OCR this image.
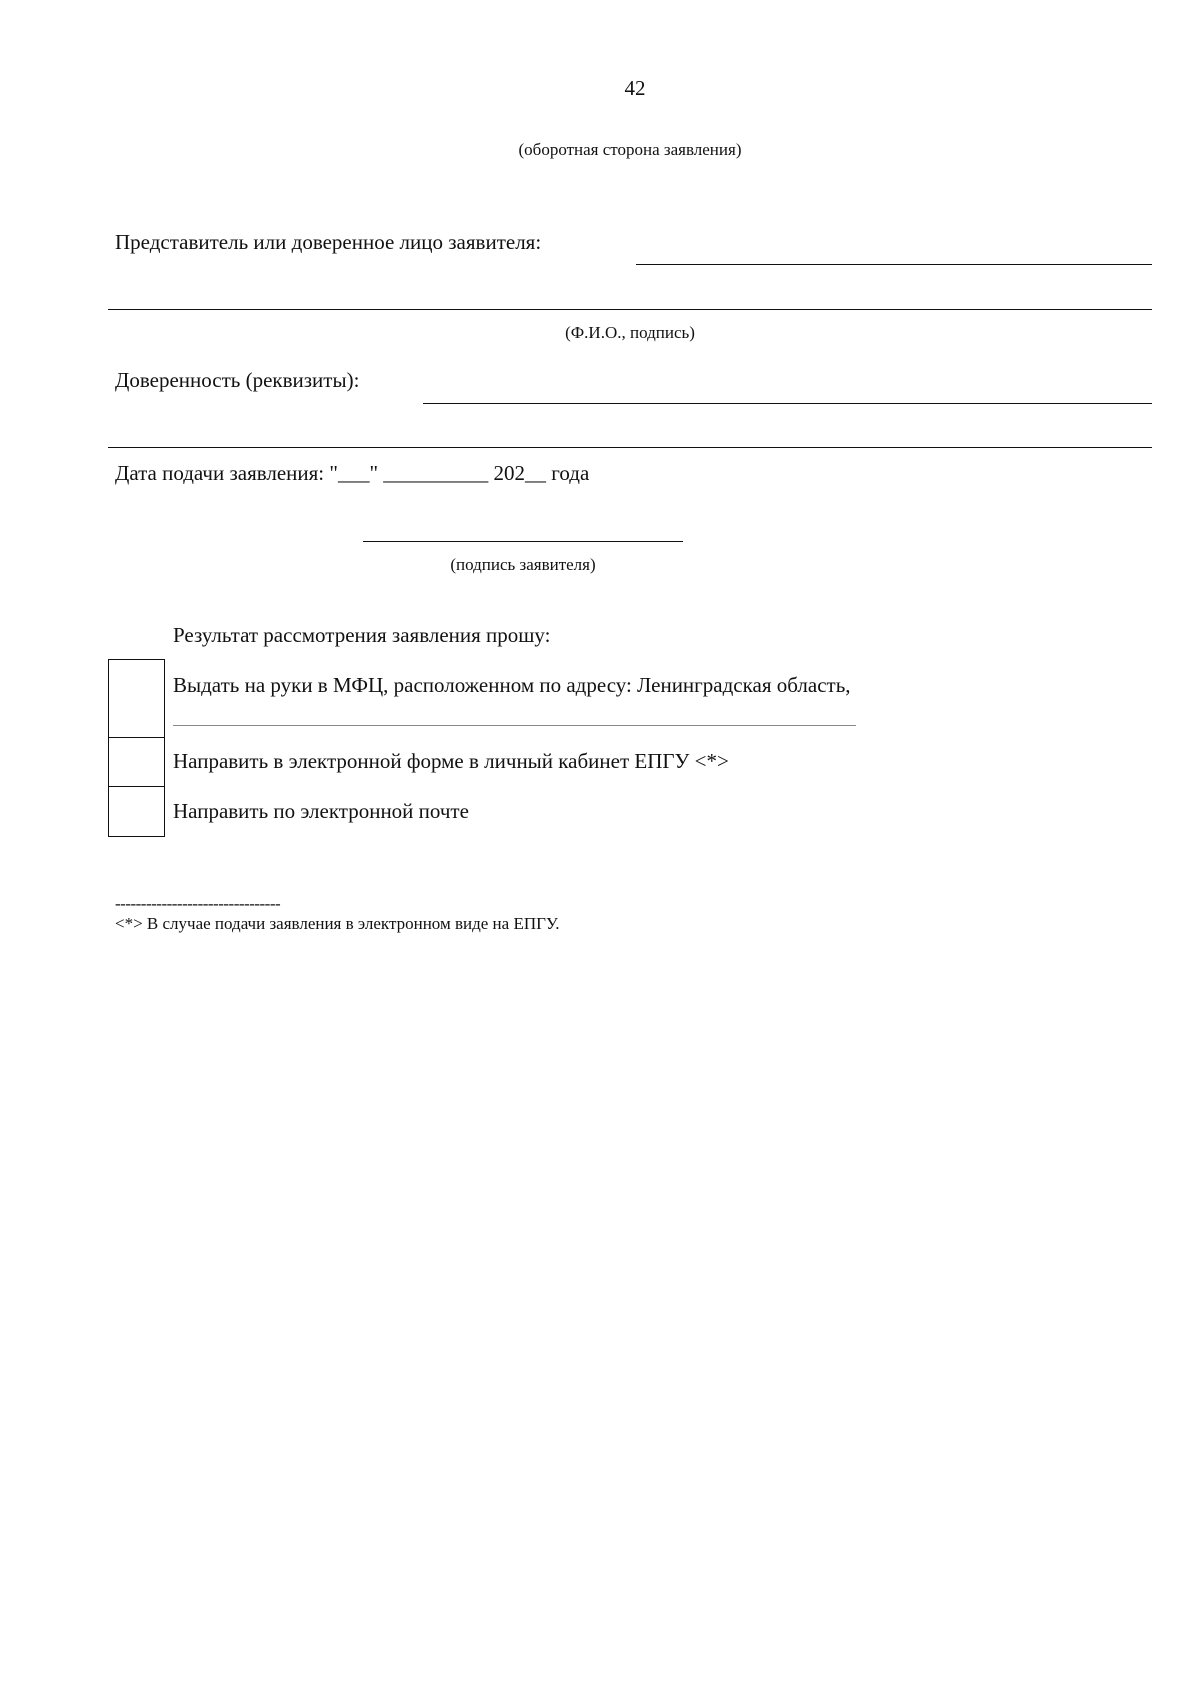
42
(оборотная сторона заявления)
Представитель или доверенное лицо заявителя:
(Ф.И.О., подпись)
Доверенность (реквизиты):
Дата подачи заявления: "___" __________ 202__ года
(подпись заявителя)
Результат рассмотрения заявления прошу:
Выдать на руки в МФЦ, расположенном по адресу: Ленинградская область,
Направить в электронной форме в личный кабинет ЕПГУ <*>
Направить по электронной почте
--------------------------------
<*> В случае подачи заявления в электронном виде на ЕПГУ.
